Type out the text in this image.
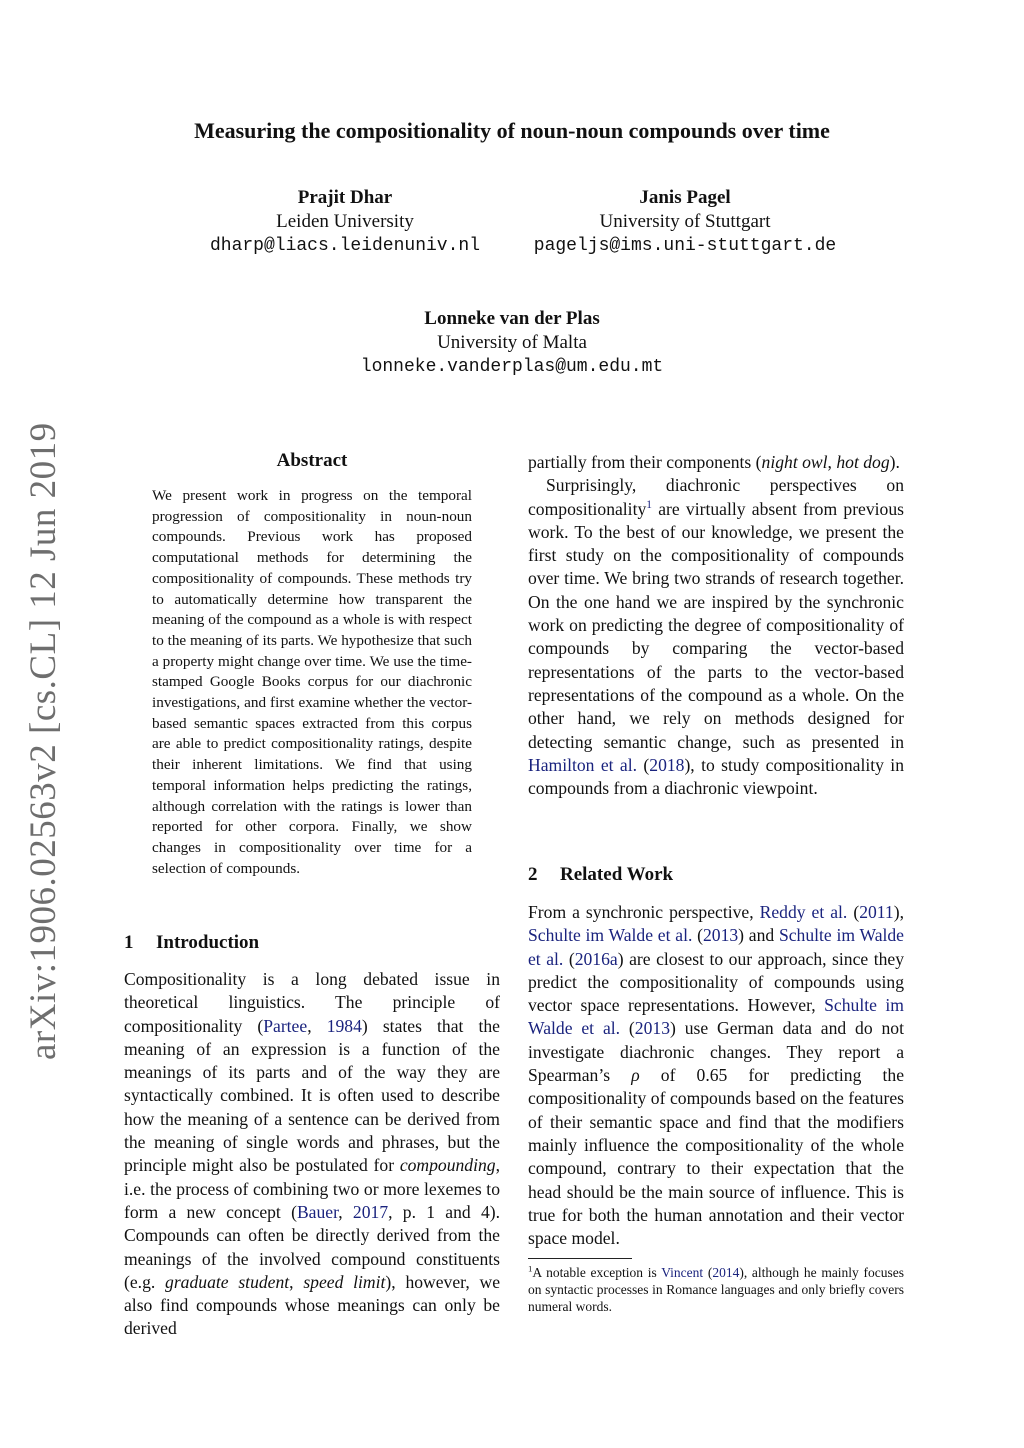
arXiv:1906.02563v2 [cs.CL] 12 Jun 2019
Measuring the compositionality of noun-noun compounds over time
Prajit Dhar
Leiden University
dharp@liacs.leidenuniv.nl
Janis Pagel
University of Stuttgart
pageljs@ims.uni-stuttgart.de
Lonneke van der Plas
University of Malta
lonneke.vanderplas@um.edu.mt
Abstract
We present work in progress on the temporal progression of compositionality in noun-noun compounds. Previous work has proposed computational methods for determining the compositionality of compounds. These methods try to automatically determine how transparent the meaning of the compound as a whole is with respect to the meaning of its parts. We hypothesize that such a property might change over time. We use the time-stamped Google Books corpus for our diachronic investigations, and first examine whether the vector-based semantic spaces extracted from this corpus are able to predict compositionality ratings, despite their inherent limitations. We find that using temporal information helps predicting the ratings, although correlation with the ratings is lower than reported for other corpora. Finally, we show changes in compositionality over time for a selection of compounds.
1 Introduction

Compositionality is a long debated issue in theoretical linguistics. The principle of compositionality (Partee, 1984) states that the meaning of an expression is a function of the meanings of its parts and of the way they are syntactically combined. It is often used to describe how the meaning of a sentence can be derived from the meaning of single words and phrases, but the principle might also be postulated for compounding, i.e. the process of combining two or more lexemes to form a new concept (Bauer, 2017, p. 1 and 4). Compounds can often be directly derived from the meanings of the involved compound constituents (e.g. graduate student, speed limit), however, we also find compounds whose meanings can only be derived

partially from their components (night owl, hot dog).

Surprisingly, diachronic perspectives on compositionality$^1$ are virtually absent from previous work. To the best of our knowledge, we present the first study on the compositionality of compounds over time. We bring two strands of research together. On the one hand we are inspired by the synchronic work on predicting the degree of compositionality of compounds by comparing the vector-based representations of the parts to the vector-based representations of the compound as a whole. On the other hand, we rely on methods designed for detecting semantic change, such as presented in Hamilton et al. (2018), to study compositionality in compounds from a diachronic viewpoint.

2 Related Work

From a synchronic perspective, Reddy et al. (2011), Schulte im Walde et al. (2013) and Schulte im Walde et al. (2016a) are closest to our approach, since they predict the compositionality of compounds using vector space representations. However, Schulte im Walde et al. (2013) use German data and do not investigate diachronic changes. They report a Spearman’s ρ of 0.65 for predicting the compositionality of compounds based on the features of their semantic space and find that the modifiers mainly influence the compositionality of the whole compound, contrary to their expectation that the head should be the main source of influence. This is true for both the human annotation and their vector space model.

$^1$A notable exception is Vincent (2014), although he mainly focuses on syntactic processes in Romance languages and only briefly covers numeral words.
